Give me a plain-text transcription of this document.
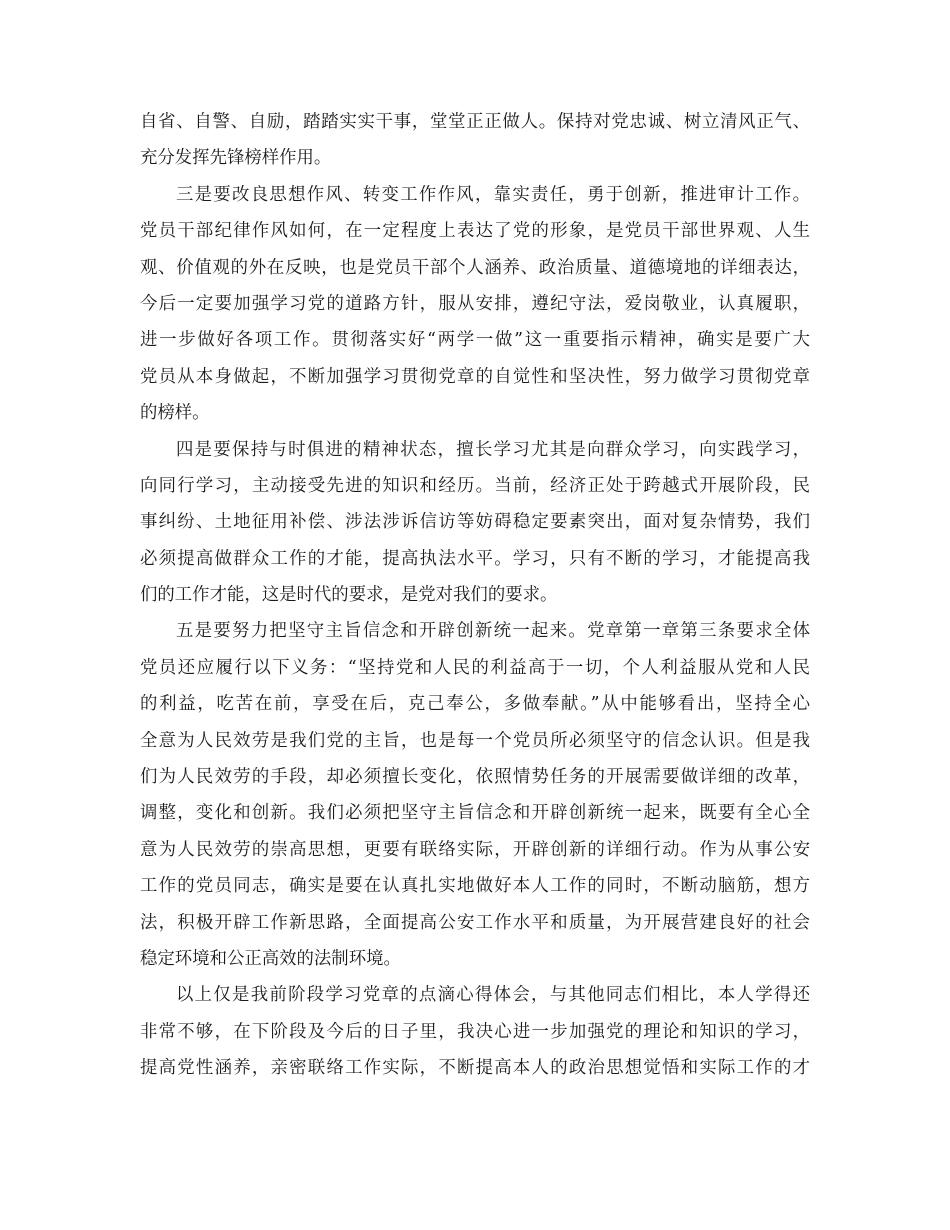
自省、自警、自励，踏踏实实干事，堂堂正正做人。保持对党忠诚、树立清风正气、
充分发挥先锋榜样作用。
三是要改良思想作风、转变工作作风，靠实责任，勇于创新，推进审计工作。
党员干部纪律作风如何，在一定程度上表达了党的形象，是党员干部世界观、人生
观、价值观的外在反映，也是党员干部个人涵养、政治质量、道德境地的详细表达，
今后一定要加强学习党的道路方针，服从安排，遵纪守法，爱岗敬业，认真履职，
进一步做好各项工作。贯彻落实好“两学一做”这一重要指示精神，确实是要广大
党员从本身做起，不断加强学习贯彻党章的自觉性和坚决性，努力做学习贯彻党章
的榜样。
四是要保持与时俱进的精神状态，擅长学习尤其是向群众学习，向实践学习，
向同行学习，主动接受先进的知识和经历。当前，经济正处于跨越式开展阶段，民
事纠纷、土地征用补偿、涉法涉诉信访等妨碍稳定要素突出，面对复杂情势，我们
必须提高做群众工作的才能，提高执法水平。学习，只有不断的学习，才能提高我
们的工作才能，这是时代的要求，是党对我们的要求。
五是要努力把坚守主旨信念和开辟创新统一起来。党章第一章第三条要求全体
党员还应履行以下义务：“坚持党和人民的利益高于一切，个人利益服从党和人民
的利益，吃苦在前，享受在后，克己奉公，多做奉献。”从中能够看出，坚持全心
全意为人民效劳是我们党的主旨，也是每一个党员所必须坚守的信念认识。但是我
们为人民效劳的手段，却必须擅长变化，依照情势任务的开展需要做详细的改革，
调整，变化和创新。我们必须把坚守主旨信念和开辟创新统一起来，既要有全心全
意为人民效劳的崇高思想，更要有联络实际，开辟创新的详细行动。作为从事公安
工作的党员同志，确实是要在认真扎实地做好本人工作的同时，不断动脑筋，想方
法，积极开辟工作新思路，全面提高公安工作水平和质量，为开展营建良好的社会
稳定环境和公正高效的法制环境。
以上仅是我前阶段学习党章的点滴心得体会，与其他同志们相比，本人学得还
非常不够，在下阶段及今后的日子里，我决心进一步加强党的理论和知识的学习，
提高党性涵养，亲密联络工作实际，不断提高本人的政治思想觉悟和实际工作的才
